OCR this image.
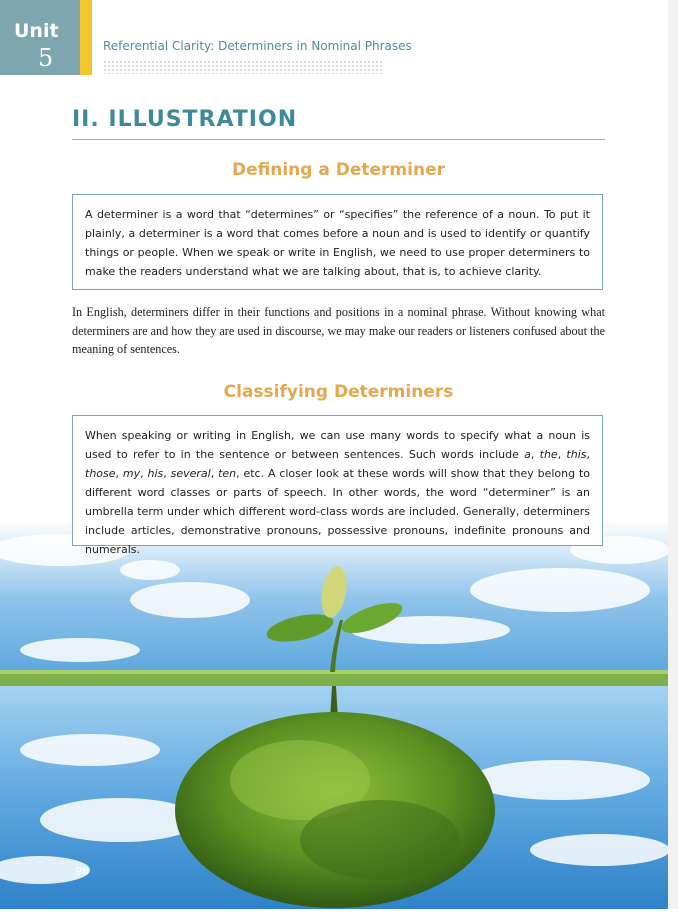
Unit
5	Referential Clarity: Determiners in Nominal Phrases
II. ILLUSTRATION
Defining a Determiner
A determiner is a word that “determines” or “specifies” the reference of a noun. To put it plainly, a determiner is a word that comes before a noun and is used to identify or quantify things or people. When we speak or write in English, we need to use proper determiners to make the readers understand what we are talking about, that is, to achieve clarity.
In English, determiners differ in their functions and positions in a nominal phrase. Without knowing what determiners are and how they are used in discourse, we may make our readers or listeners confused about the meaning of sentences.
Classifying Determiners
When speaking or writing in English, we can use many words to specify what a noun is used to refer to in the sentence or between sentences. Such words include a, the, this, those, my, his, several, ten, etc. A closer look at these words will show that they belong to different word classes or parts of speech. In other words, the word “determiner” is an umbrella term under which different word-class words are included. Generally, determiners include articles, demonstrative pronouns, possessive pronouns, indefinite pronouns and numerals.
98
